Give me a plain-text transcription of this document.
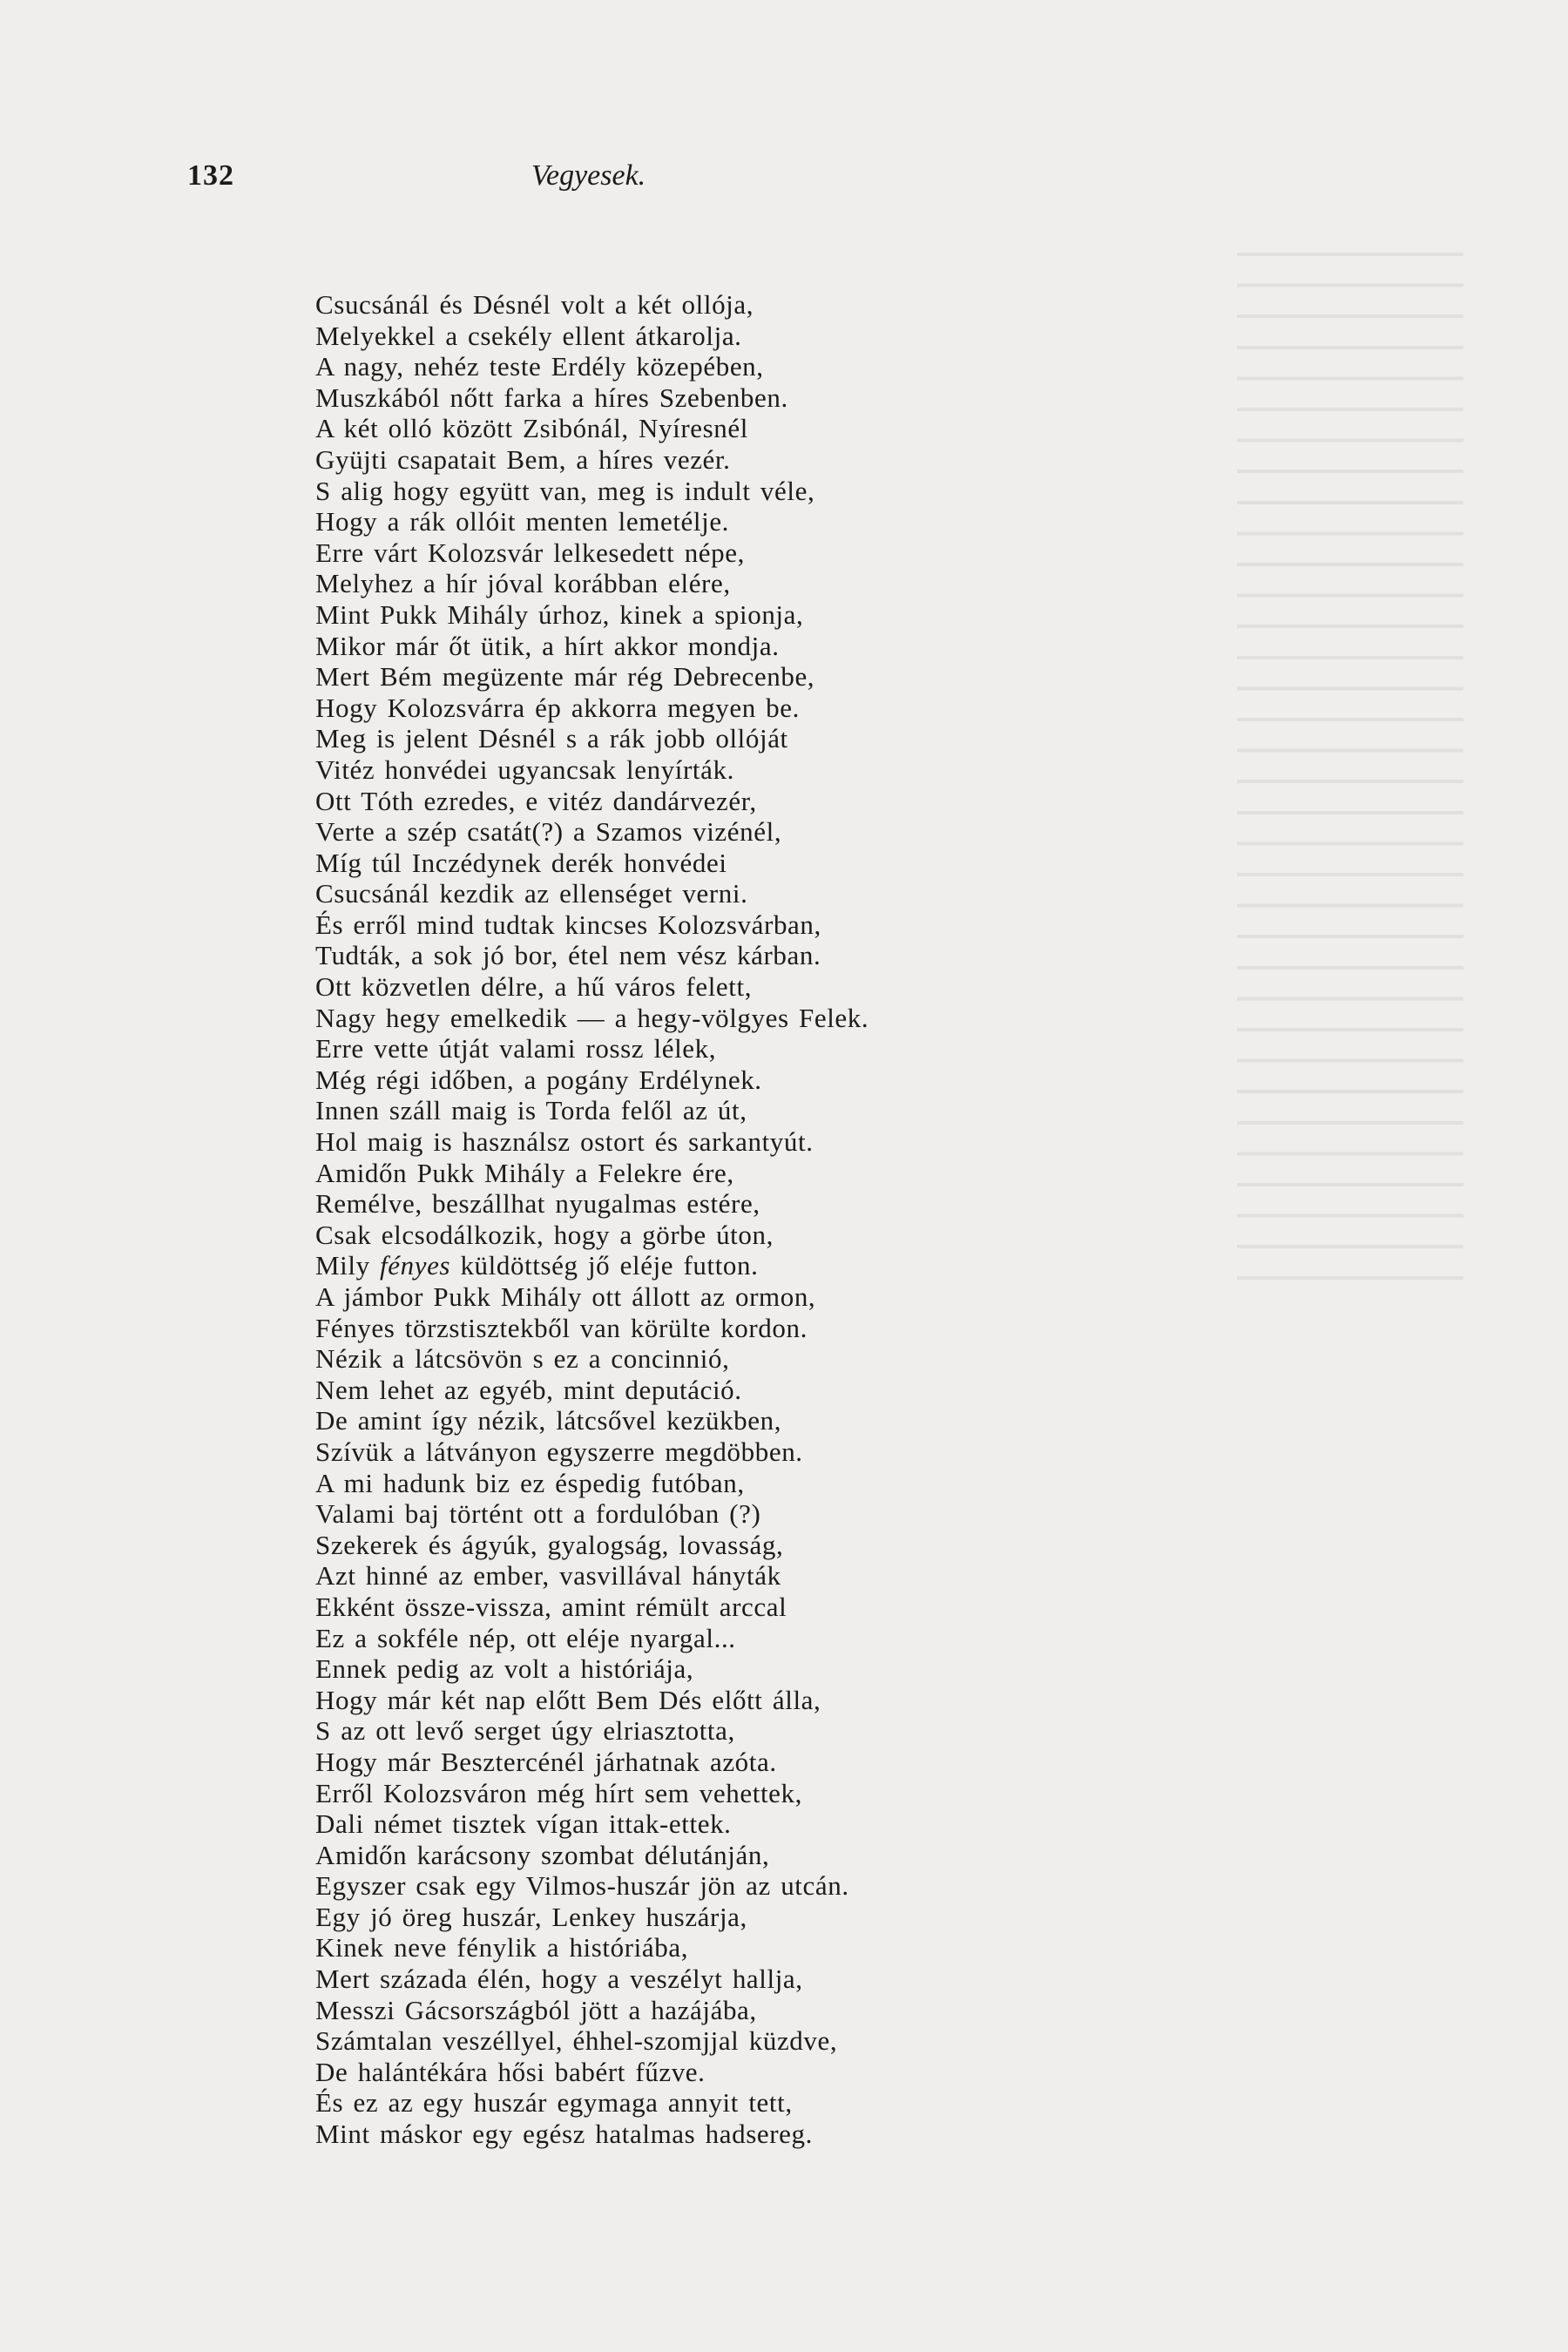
132	Vegyesek.
Csucsánál és Désnél volt a két ollója,
Melyekkel a csekély ellent átkarolja.
A nagy, nehéz teste Erdély közepében,
Muszkából nőtt farka a híres Szebenben.
A két olló között Zsibónál, Nyíresnél
Gyüjti csapatait Bem, a híres vezér.
S alig hogy együtt van, meg is indult véle,
Hogy a rák ollóit menten lemetélje.
Erre várt Kolozsvár lelkesedett népe,
Melyhez a hír jóval korábban elére,
Mint Pukk Mihály úrhoz, kinek a spionja,
Mikor már őt ütik, a hírt akkor mondja.
Mert Bém megüzente már rég Debrecenbe,
Hogy Kolozsvárra ép akkorra megyen be.
Meg is jelent Désnél s a rák jobb ollóját
Vitéz honvédei ugyancsak lenyírták.
Ott Tóth ezredes, e vitéz dandárvezér,
Verte a szép csatát(?) a Szamos vizénél,
Míg túl Inczédynek derék honvédei
Csucsánál kezdik az ellenséget verni.
És erről mind tudtak kincses Kolozsvárban,
Tudták, a sok jó bor, étel nem vész kárban.
Ott közvetlen délre, a hű város felett,
Nagy hegy emelkedik — a hegy-völgyes Felek.
Erre vette útját valami rossz lélek,
Még régi időben, a pogány Erdélynek.
Innen száll maig is Torda felől az út,
Hol maig is használsz ostort és sarkantyút.
Amidőn Pukk Mihály a Felekre ére,
Remélve, beszállhat nyugalmas estére,
Csak elcsodálkozik, hogy a görbe úton,
Mily fényes küldöttség jő eléje futton.
A jámbor Pukk Mihály ott állott az ormon,
Fényes törzstisztekből van körülte kordon.
Nézik a látcsövön s ez a concinnió,
Nem lehet az egyéb, mint deputáció.
De amint így nézik, látcsővel kezükben,
Szívük a látványon egyszerre megdöbben.
A mi hadunk biz ez éspedig futóban,
Valami baj történt ott a fordulóban (?)
Szekerek és ágyúk, gyalogság, lovasság,
Azt hinné az ember, vasvillával hányták
Ekként össze-vissza, amint rémült arccal
Ez a sokféle nép, ott eléje nyargal...
Ennek pedig az volt a históriája,
Hogy már két nap előtt Bem Dés előtt álla,
S az ott levő serget úgy elriasztotta,
Hogy már Besztercénél járhatnak azóta.
Erről Kolozsváron még hírt sem vehettek,
Dali német tisztek vígan ittak-ettek.
Amidőn karácsony szombat délutánján,
Egyszer csak egy Vilmos-huszár jön az utcán.
Egy jó öreg huszár, Lenkey huszárja,
Kinek neve fénylik a históriába,
Mert százada élén, hogy a veszélyt hallja,
Messzi Gácsországból jött a hazájába,
Számtalan veszéllyel, éhhel-szomjjal küzdve,
De halántékára hősi babért fűzve.
És ez az egy huszár egymaga annyit tett,
Mint máskor egy egész hatalmas hadsereg.
